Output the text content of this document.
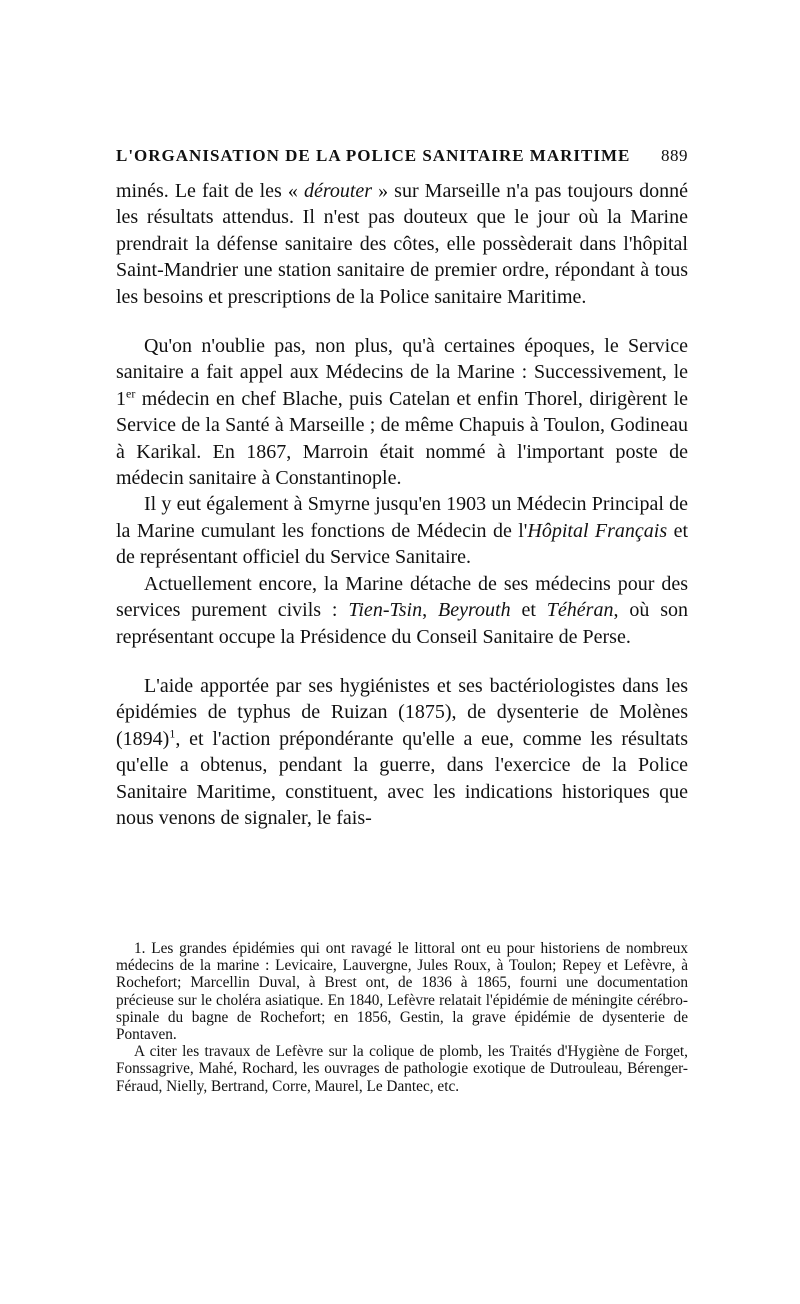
L'ORGANISATION DE LA POLICE SANITAIRE MARITIME 889

minés. Le fait de les « dérouter » sur Marseille n'a pas toujours donné les résultats attendus. Il n'est pas douteux que le jour où la Marine prendrait la défense sanitaire des côtes, elle possèderait dans l'hôpital Saint-Mandrier une station sanitaire de premier ordre, répondant à tous les besoins et prescriptions de la Police sanitaire Maritime.

Qu'on n'oublie pas, non plus, qu'à certaines époques, le Service sanitaire a fait appel aux Médecins de la Marine : Successivement, le 1er médecin en chef Blache, puis Catelan et enfin Thorel, dirigèrent le Service de la Santé à Marseille ; de même Chapuis à Toulon, Godineau à Karikal. En 1867, Marroin était nommé à l'important poste de médecin sanitaire à Constantinople.

Il y eut également à Smyrne jusqu'en 1903 un Médecin Principal de la Marine cumulant les fonctions de Médecin de l'Hôpital Français et de représentant officiel du Service Sanitaire.

Actuellement encore, la Marine détache de ses médecins pour des services purement civils : Tien-Tsin, Beyrouth et Téhéran, où son représentant occupe la Présidence du Conseil Sanitaire de Perse.

L'aide apportée par ses hygiénistes et ses bactériologistes dans les épidémies de typhus de Ruizan (1875), de dysenterie de Molènes $(1894)^1$, et l'action prépondérante qu'elle a eue, comme les résultats qu'elle a obtenus, pendant la guerre, dans l'exercice de la Police Sanitaire Maritime, constituent, avec les indications historiques que nous venons de signaler, le fais-

1. Les grandes épidémies qui ont ravagé le littoral ont eu pour historiens de nombreux médecins de la marine : Levicaire, Lauvergne, Jules Roux, à Toulon; Repey et Lefèvre, à Rochefort; Marcellin Duval, à Brest ont, de 1836 à 1865, fourni une documentation précieuse sur le choléra asiatique. En 1840, Lefèvre relatait l'épidémie de méningite cérébro-spinale du bagne de Rochefort; en 1856, Gestin, la grave épidémie de dysenterie de Pontaven.

A citer les travaux de Lefèvre sur la colique de plomb, les Traités d'Hygiène de Forget, Fonssagrive, Mahé, Rochard, les ouvrages de pathologie exotique de Dutrouleau, Bérenger-Féraud, Nielly, Bertrand, Corre, Maurel, Le Dantec, etc.
